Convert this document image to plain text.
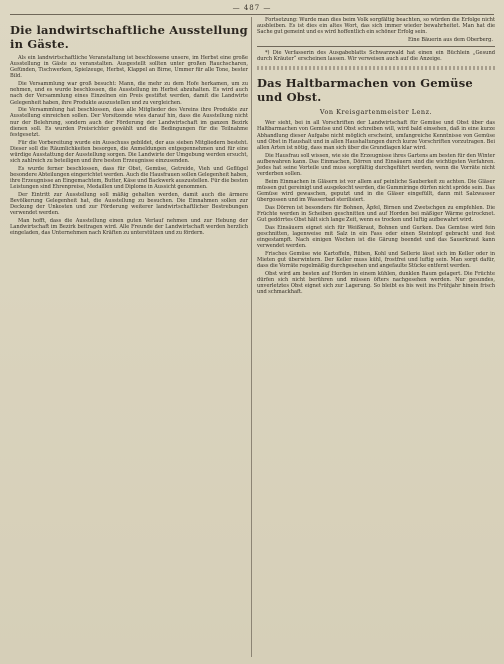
— 487 —
Die landwirtschaftliche Ausstellung in Gäste.

Als ein landwirtschaftliche Veranstaltung ist beschlossene unsere, im Herbst eine große Ausstellung in Gäste zu veranstalten. Ausgestellt sollten unter großen Rauchscharen, Gefünden, Tischwerken, Spielzeuge, Herbst, Klappel an Birne, Ummer für alle Tone, bester Bild.

Die Versammlung war groß besucht: Mann, die mehr zu dem Hofe herkamen, um zu nehmen, und es wurde beschlossen, die Ausstellung im Herbst abzuhalten. Es wird auch nach der Versammlung eines Einzelnen ein Preis gestiftet werden, damit die Landwirte Gelegenheit haben, ihre Produkte auszustellen und zu vergleichen.

Die Versammlung hat beschlossen, dass alle Mitglieder des Vereins ihre Produkte zur Ausstellung einreichen sollen. Der Vorsitzende wies darauf hin, dass die Ausstellung nicht nur der Belehrung, sondern auch der Förderung der Landwirtschaft im ganzen Bezirk dienen soll. Es wurden Preisrichter gewählt und die Bedingungen für die Teilnahme festgesetzt.

Für die Vorbereitung wurde ein Ausschuss gebildet, der aus sieben Mitgliedern besteht. Dieser soll die Räumlichkeiten besorgen, die Anmeldungen entgegennehmen und für eine würdige Ausstattung der Ausstellung sorgen. Die Landwirte der Umgebung werden ersucht, sich zahlreich zu beteiligen und ihre besten Erzeugnisse einzusenden.

Es wurde ferner beschlossen, dass für Obst, Gemüse, Getreide, Vieh und Geflügel besondere Abteilungen eingerichtet werden. Auch die Hausfrauen sollen Gelegenheit haben, ihre Erzeugnisse an Eingemachtem, Butter, Käse und Backwerk auszustellen. Für die besten Leistungen sind Ehrenpreise, Medaillen und Diplome in Aussicht genommen.

Der Eintritt zur Ausstellung soll mäßig gehalten werden, damit auch die ärmere Bevölkerung Gelegenheit hat, die Ausstellung zu besuchen. Die Einnahmen sollen zur Deckung der Unkosten und zur Förderung weiterer landwirtschaftlicher Bestrebungen verwendet werden.

Man hofft, dass die Ausstellung einen guten Verlauf nehmen und zur Hebung der Landwirtschaft im Bezirk beitragen wird. Alle Freunde der Landwirtschaft werden herzlich eingeladen, das Unternehmen nach Kräften zu unterstützen und zu fördern.

Fortsetzung: Wurde man dies beim Volk sorgfältig beachten, so würden die Erfolge nicht ausbleiben. Es ist dies ein altes Wort, das sich immer wieder bewahrheitet. Man hat die Sache gut gemeint und es wird hoffentlich ein schöner Erfolg sein.

Eine Bäuerin aus dem Oberberg.
*) Die Verfasserin des Ausgabeblatts Schwarzwald hat einen ein Büchlein „Gesund durch Kräuter“ erscheinen lassen. Wir verweisen auch auf die Anzeige.
Das Haltbarmachen von Gemüse und Obst.
Von Kreisgartenmeister Lenz.

Wer sieht, bei in all Vorschriften der Landwirtschaft für Gemüse und Obst über das Haltbarmachen von Gemüse und Obst schreiben will, wird bald einsehen, daß in eine kurze Abhandlung dieser Aufgabe nicht möglich erscheint, umfangreiche Kenntnisse von Gemüse und Obst in Haushalt und in allen Haushaltungen durch kurze Vorschriften vorzutragen. Bei allen Arten ist nötig, dass man sich über die Grundlagen klar wird.

Die Hausfrau soll wissen, wie sie die Erzeugnisse ihres Gartens am besten für den Winter aufbewahren kann. Das Einmachen, Dörren und Einsäuern sind die wichtigsten Verfahren. Jedes hat seine Vorteile und muss sorgfältig durchgeführt werden, wenn die Vorräte nicht verderben sollen.

Beim Einmachen in Gläsern ist vor allem auf peinliche Sauberkeit zu achten. Die Gläser müssen gut gereinigt und ausgekocht werden, die Gummiringe dürfen nicht spröde sein. Das Gemüse wird gewaschen, geputzt und in die Gläser eingefüllt, dann mit Salzwasser übergossen und im Wasserbad sterilisiert.

Das Dörren ist besonders für Bohnen, Äpfel, Birnen und Zwetschgen zu empfehlen. Die Früchte werden in Scheiben geschnitten und auf Horden bei mäßiger Wärme getrocknet. Gut gedörrtes Obst hält sich lange Zeit, wenn es trocken und luftig aufbewahrt wird.

Das Einsäuern eignet sich für Weißkraut, Bohnen und Gurken. Das Gemüse wird fein geschnitten, lagenweise mit Salz in ein Fass oder einen Steintopf gebracht und fest eingestampft. Nach einigen Wochen ist die Gärung beendet und das Sauerkraut kann verwendet werden.

Frisches Gemüse wie Kartoffeln, Rüben, Kohl und Sellerie lässt sich im Keller oder in Mieten gut überwintern. Der Keller muss kühl, frostfrei und luftig sein. Man sorgt dafür, dass die Vorräte regelmäßig durchgesehen und angefaulte Stücke entfernt werden.

Obst wird am besten auf Horden in einem kühlen, dunklen Raum gelagert. Die Früchte dürfen sich nicht berühren und müssen öfters nachgesehen werden. Nur gesundes, unverletztes Obst eignet sich zur Lagerung. So bleibt es bis weit ins Frühjahr hinein frisch und schmackhaft.
